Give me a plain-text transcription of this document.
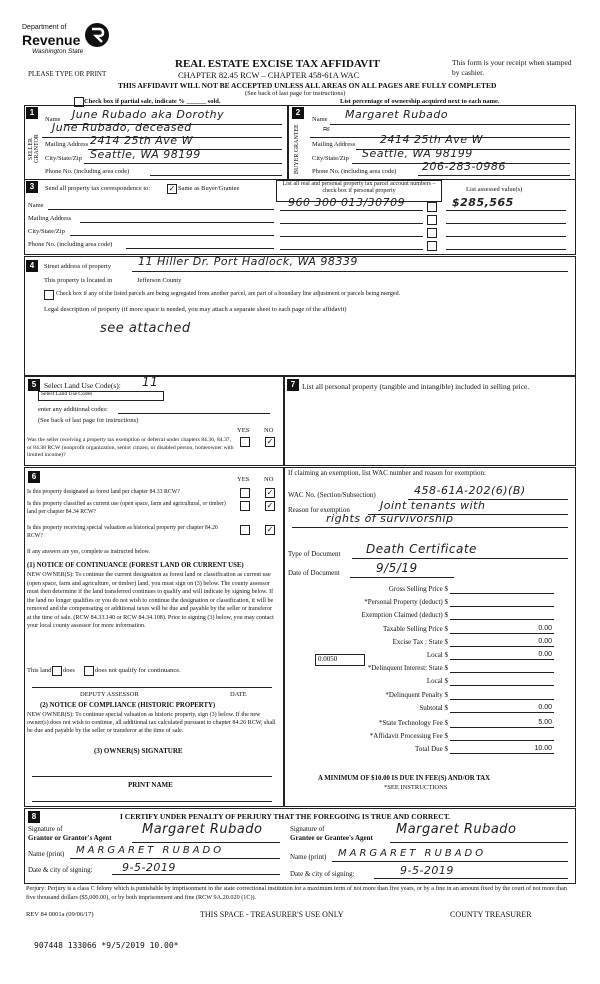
Department of
Revenue
Washington State
REAL ESTATE EXCISE TAX AFFIDAVIT
CHAPTER 82.45 RCW – CHAPTER 458-61A WAC
PLEASE TYPE OR PRINT
This form is your receipt when stamped by cashier.
THIS AFFIDAVIT WILL NOT BE ACCEPTED UNLESS ALL AREAS ON ALL PAGES ARE FULLY COMPLETED
(See back of last page for instructions)
Check box if partial sale, indicate % ______ sold.	List percentage of ownership acquired next to each name.
1	2
SELLER GRANTOR	BUYER GRANTEE
Name June Rubado aka Dorothy
June Rubado, deceased
Mailing Address 2414 25th Ave W
City/State/Zip Seattle, WA 98199
Phone No. (including area code)
Name Margaret Rubado
≈
Mailing Address 2414 25th Ave W
City/State/Zip Seattle, WA 98199
Phone No. (including area code) 206-283-0986
3	Send all property tax correspondence to: ✓ Same as Buyer/Grantee
Name
Mailing Address
City/State/Zip
Phone No. (including area code)
List all real and personal property tax parcel account numbers – check box if personal property	List assessed value(s)
960 300 013/30709	$285,565
4	Street address of property 11 Hiller Dr. Port Hadlock, WA 98339
This property is located in	Jefferson County
Check box if any of the listed parcels are being segregated from another parcel, are part of a boundary line adjustment or parcels being merged.
Legal description of property (if more space is needed, you may attach a separate sheet to each page of the affidavit)
see attached
5	Select Land Use Code(s): 11
Select Land Use Codes
enter any additional codes:
(See back of last page for instructions)
YES NO
Was the seller receiving a property tax exemption or deferral under chapters 84.36, 84.37, or 84.38 RCW (nonprofit organization, senior citizen, or disabled person, homeowner with limited income)?
✓
6	YES NO
Is this property designated as forest land per chapter 84.33 RCW?	✓
Is this property classified as current use (open space, farm and agricultural, or timber) land per chapter 84.34 RCW?
✓
Is this property receiving special valuation as historical property per chapter 84.26 RCW?
✓
If any answers are yes, complete as instructed below.
(1) NOTICE OF CONTINUANCE (FOREST LAND OR CURRENT USE)
NEW OWNER(S): To continue the current designation as forest land or classification as current use (open space, farm and agriculture, or timber) land, you must sign on (3) below. The county assessor must then determine if the land transferred continues to qualify and will indicate by signing below. If the land no longer qualifies or you do not wish to continue the designation or classification, it will be removed and the compensating or additional taxes will be due and payable by the seller or transferor at the time of sale. (RCW 84.33.140 or RCW 84.34.108). Prior to signing (3) below, you may contact your local county assessor for more information.
This land does	does not qualify for continuance.
DEPUTY ASSESSOR	DATE
(2) NOTICE OF COMPLIANCE (HISTORIC PROPERTY)
NEW OWNER(S): To continue special valuation as historic property, sign (3) below. If the new owner(s) does not wish to continue, all additional tax calculated pursuant to chapter 84.26 RCW, shall be due and payable by the seller or transferor at the time of sale.
(3) OWNER(S) SIGNATURE
PRINT NAME
7 List all personal property (tangible and intangible) included in selling price.
If claiming an exemption, list WAC number and reason for exemption:
WAC No. (Section/Subsection)	458-61A-202(6)(B)
Reason for exemption	Joint tenants with
rights of survivorship
Type of Document Death Certificate
Date of Document	9/5/19
Gross Selling Price $
*Personal Property (deduct) $
Exemption Claimed (deduct) $
Taxable Selling Price $	0.00
Excise Tax : State $	0.00
Local $	0.00
*Delinquent Interest: State $
Local $
*Delinquent Penalty $
Subtotal $	0.00
*State Technology Fee $	5.00
*Affidavit Processing Fee $
Total Due $	10.00
0.0050
A MINIMUM OF $10.00 IS DUE IN FEE(S) AND/OR TAX
*SEE INSTRUCTIONS
8	I CERTIFY UNDER PENALTY OF PERJURY THAT THE FOREGOING IS TRUE AND CORRECT.
Signature of
Grantor or Grantor's Agent
Margaret Rubado
Name (print) MARGARET RUBADO
Date & city of signing:	9-5-2019
Signature of
Grantee or Grantee's Agent
Margaret Rubado
Name (print) MARGARET RUBADO
Date & city of signing:	9-5-2019
Perjury: Perjury is a class C felony which is punishable by imprisonment in the state correctional institution for a maximum term of not more than five years, or by a fine in an amount fixed by the court of not more than five thousand dollars ($5,000.00), or by both imprisonment and fine (RCW 9A.20.020 (1C)).
REV 84 0001a (09/06/17)	THIS SPACE - TREASURER'S USE ONLY	COUNTY TREASURER
907448 133066 *9/5/2019 10.00*
